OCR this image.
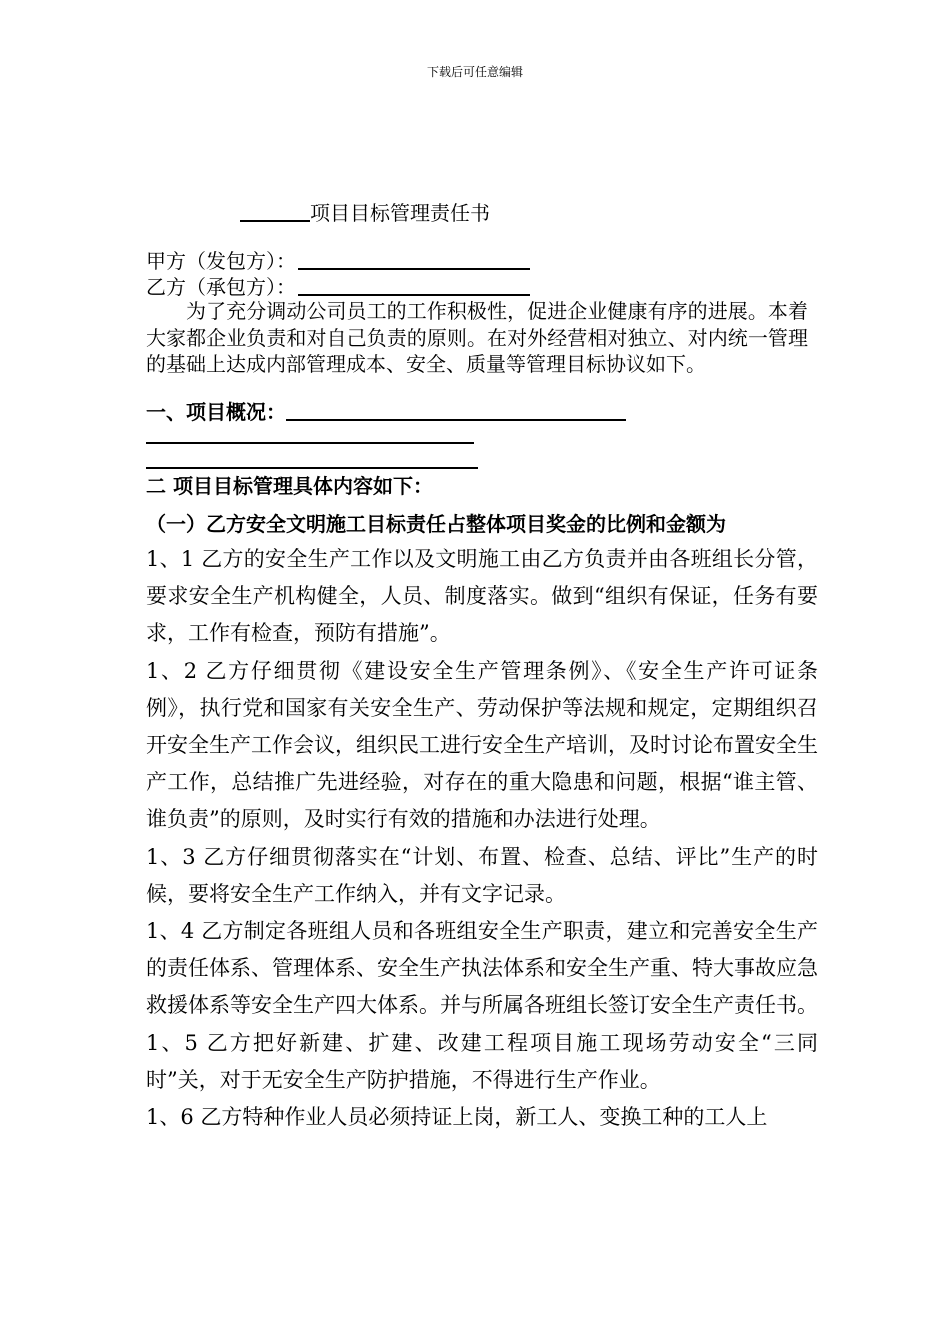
下载后可任意编辑
项目目标管理责任书
甲方（发包方）：
乙方（承包方）：

为了充分调动公司员工的工作积极性，促进企业健康有序的进展。本着大家都企业负责和对自己负责的原则。在对外经营相对独立、对内统一管理的基础上达成内部管理成本、安全、质量等管理目标协议如下。

一、项目概况：
二 项目目标管理具体内容如下：
（一）乙方安全文明施工目标责任占整体项目奖金的比例和金额为

1、1 乙方的安全生产工作以及文明施工由乙方负责并由各班组长分管，要求安全生产机构健全，人员、制度落实。做到“组织有保证，任务有要求，工作有检查，预防有措施”。

1、2 乙方仔细贯彻《建设安全生产管理条例》、《安全生产许可证条例》，执行党和国家有关安全生产、劳动保护等法规和规定，定期组织召开安全生产工作会议，组织民工进行安全生产培训，及时讨论布置安全生产工作，总结推广先进经验，对存在的重大隐患和问题，根据“谁主管、谁负责”的原则，及时实行有效的措施和办法进行处理。

1、3 乙方仔细贯彻落实在“计划、布置、检查、总结、评比”生产的时候，要将安全生产工作纳入，并有文字记录。

1、4 乙方制定各班组人员和各班组安全生产职责，建立和完善安全生产的责任体系、管理体系、安全生产执法体系和安全生产重、特大事故应急救援体系等安全生产四大体系。并与所属各班组长签订安全生产责任书。

1、5 乙方把好新建、扩建、改建工程项目施工现场劳动安全“三同时”关，对于无安全生产防护措施，不得进行生产作业。

1、6 乙方特种作业人员必须持证上岗，新工人、变换工种的工人上
